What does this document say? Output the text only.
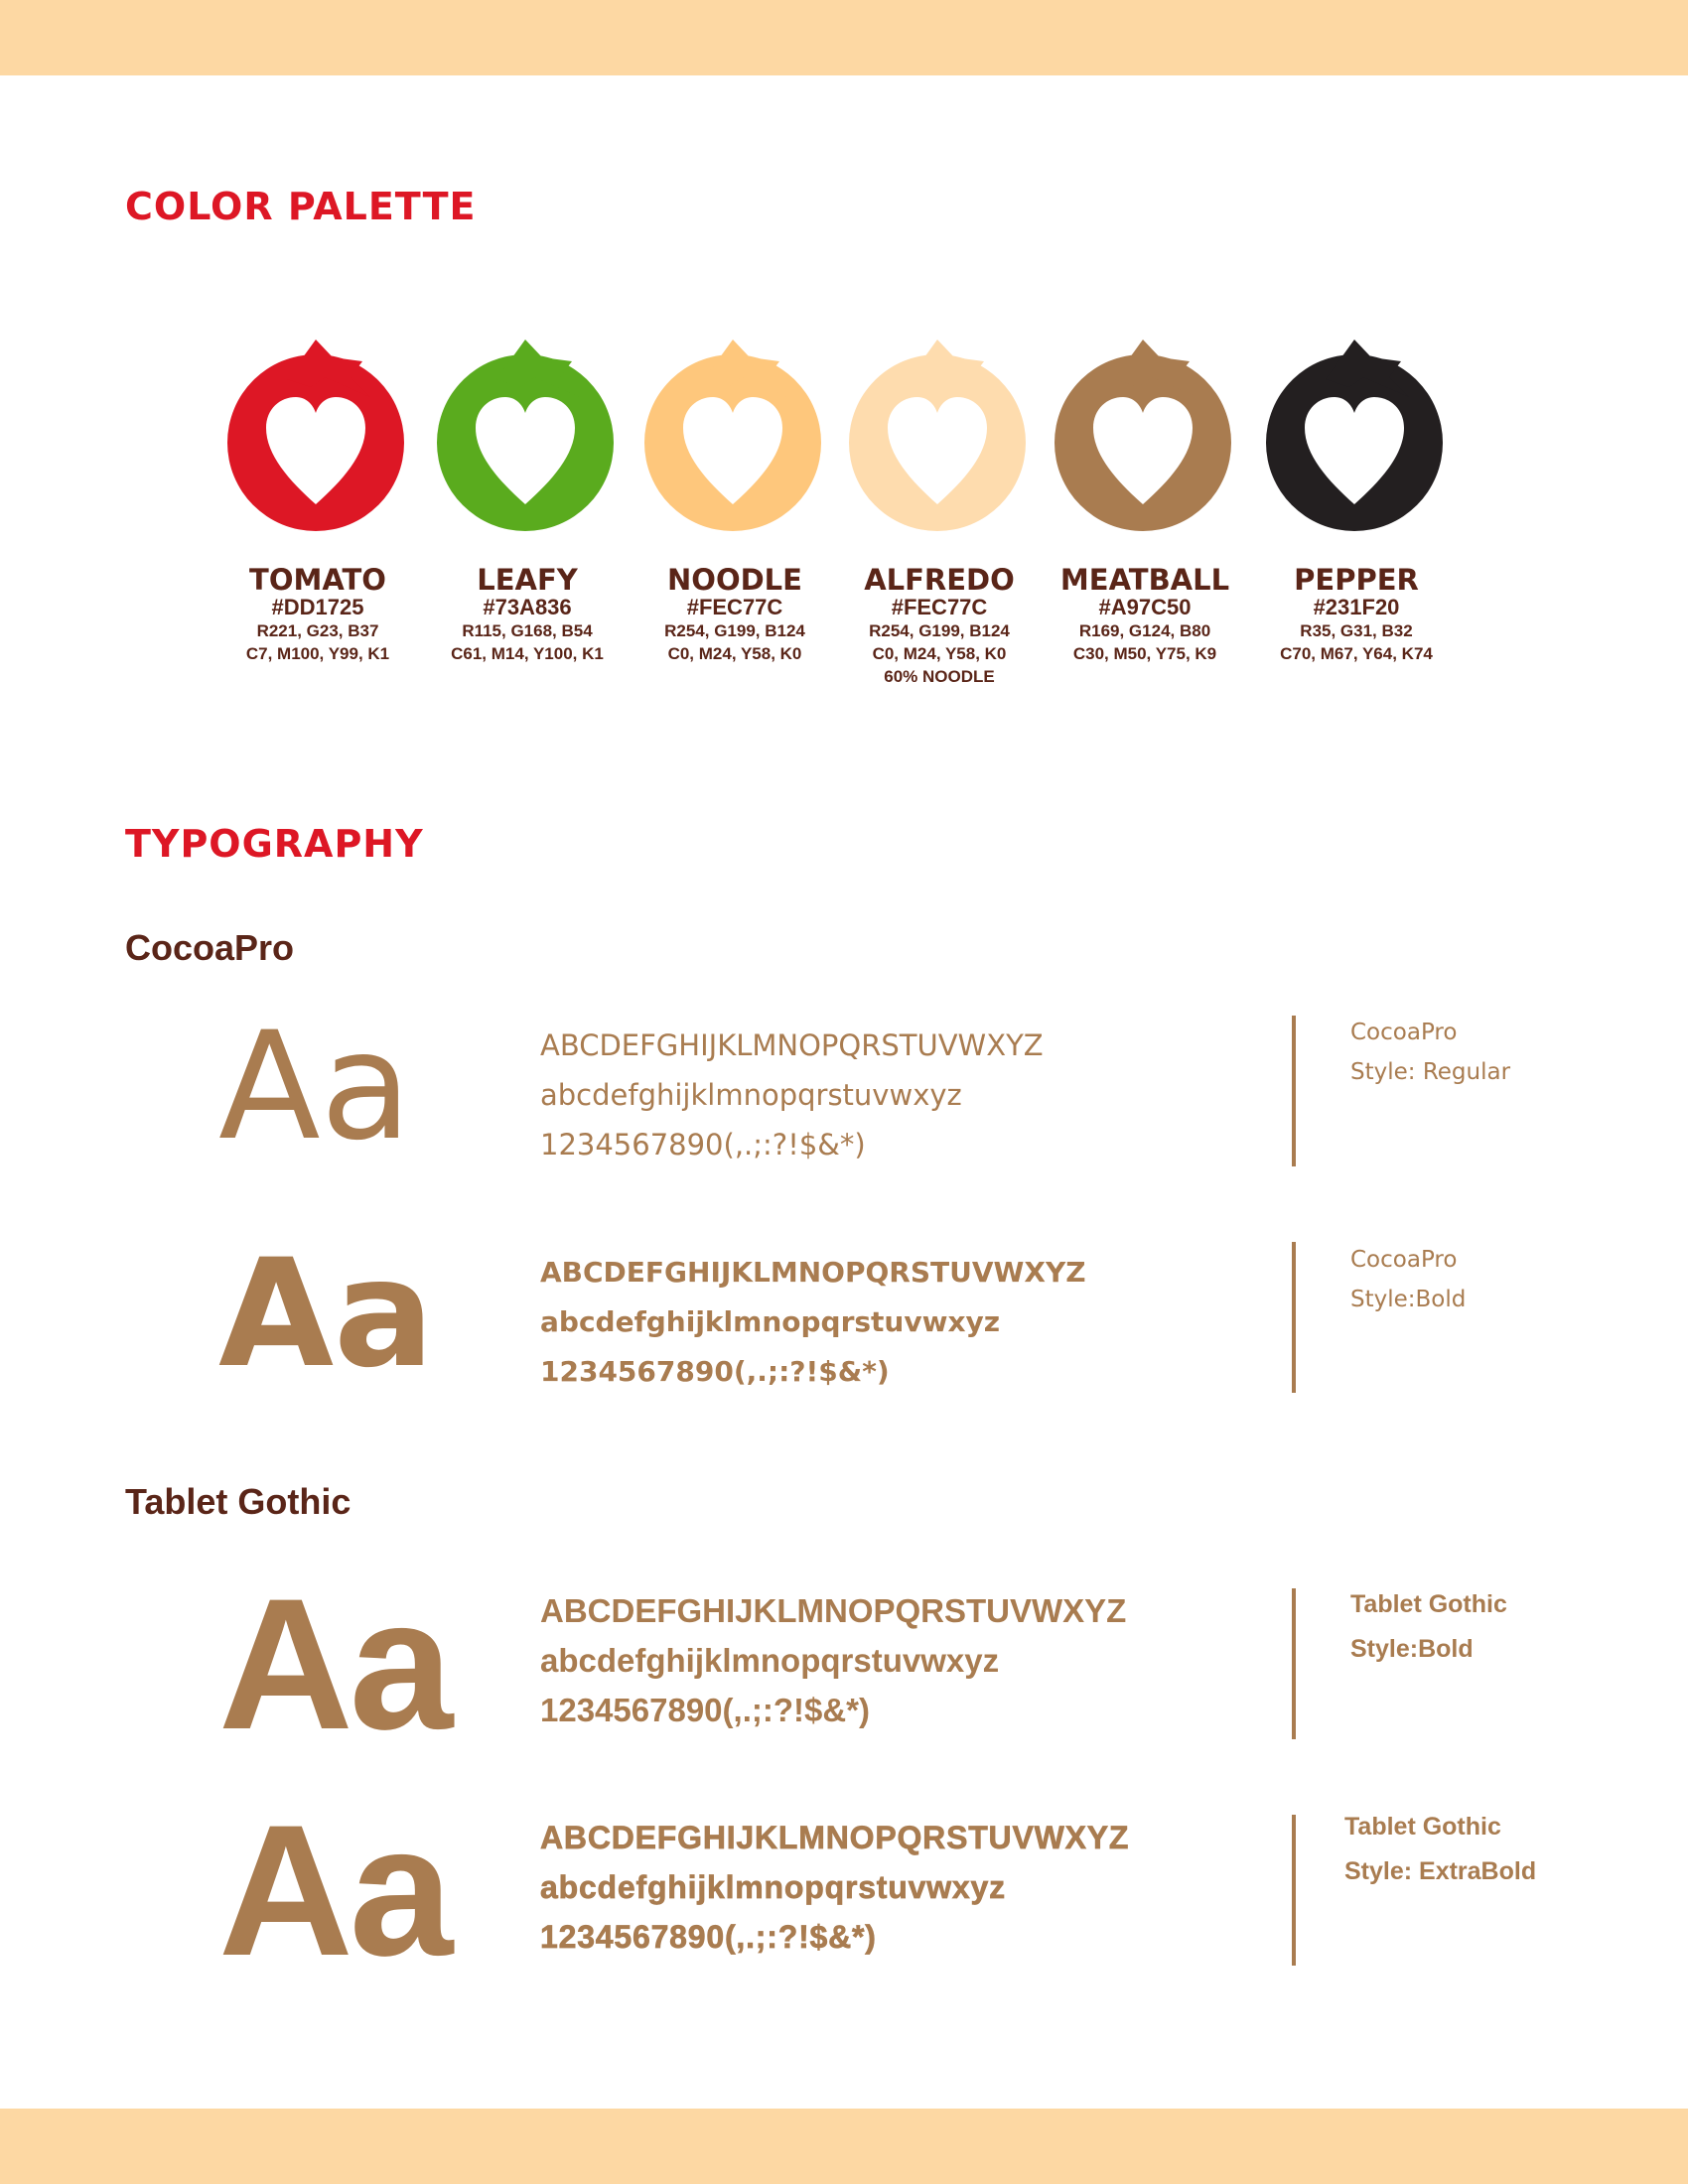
COLOR PALETTE
TOMATO
#DD1725
R221, G23, B37
C7, M100, Y99, K1
LEAFY
#73A836
R115, G168, B54
C61, M14, Y100, K1
NOODLE
#FEC77C
R254, G199, B124
C0, M24, Y58, K0
ALFREDO
#FEC77C
R254, G199, B124
C0, M24, Y58, K0
60% NOODLE
MEATBALL
#A97C50
R169, G124, B80
C30, M50, Y75, K9
PEPPER
#231F20
R35, G31, B32
C70, M67, Y64, K74
TYPOGRAPHY
CocoaPro
Aa	ABCDEFGHIJKLMNOPQRSTUVWXYZ
abcdefghijklmnopqrstuvwxyz
1234567890(,.;:?!$&*)
CocoaPro
Style: Regular
Aa	ABCDEFGHIJKLMNOPQRSTUVWXYZ
abcdefghijklmnopqrstuvwxyz
1234567890(,.;:?!$&*)
CocoaPro
Style:Bold
Tablet Gothic
Aa	ABCDEFGHIJKLMNOPQRSTUVWXYZ
abcdefghijklmnopqrstuvwxyz
1234567890(,.;:?!$&*)
Tablet Gothic
Style:Bold
Aa	ABCDEFGHIJKLMNOPQRSTUVWXYZ
abcdefghijklmnopqrstuvwxyz
1234567890(,.;:?!$&*)
Tablet Gothic
Style: ExtraBold
